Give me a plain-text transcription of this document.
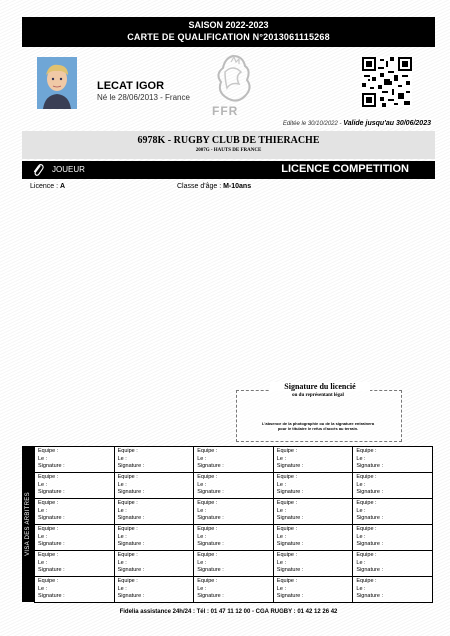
SAISON 2022-2023
CARTE DE QUALIFICATION N°2013061115268
LECAT IGOR
Né le 28/06/2013 - France
FFR
Editée le 30/10/2022 - Valide jusqu'au 30/06/2023
6978K - RUGBY CLUB DE THIERACHE
2007G - HAUTS DE FRANCE
JOUEUR	LICENCE COMPETITION
Licence : A	Classe d'âge : M-10ans
Signature du licencié
ou du représentant légal
L'absence de la photographie ou de la signature entraînera
pour le titulaire le refus d'accès au terrain.
VISA DES ARBITRES
Equipe :
Le :
Signature :
Equipe :
Le :
Signature :
Equipe :
Le :
Signature :
Equipe :
Le :
Signature :
Equipe :
Le :
Signature :
Equipe :
Le :
Signature :
Equipe :
Le :
Signature :
Equipe :
Le :
Signature :
Equipe :
Le :
Signature :
Equipe :
Le :
Signature :
Equipe :
Le :
Signature :
Equipe :
Le :
Signature :
Equipe :
Le :
Signature :
Equipe :
Le :
Signature :
Equipe :
Le :
Signature :
Equipe :
Le :
Signature :
Equipe :
Le :
Signature :
Equipe :
Le :
Signature :
Equipe :
Le :
Signature :
Equipe :
Le :
Signature :
Equipe :
Le :
Signature :
Equipe :
Le :
Signature :
Equipe :
Le :
Signature :
Equipe :
Le :
Signature :
Equipe :
Le :
Signature :
Equipe :
Le :
Signature :
Equipe :
Le :
Signature :
Equipe :
Le :
Signature :
Equipe :
Le :
Signature :
Equipe :
Le :
Signature :
Fidelia assistance 24h/24 : Tél : 01 47 11 12 00 - CGA RUGBY : 01 42 12 26 42
